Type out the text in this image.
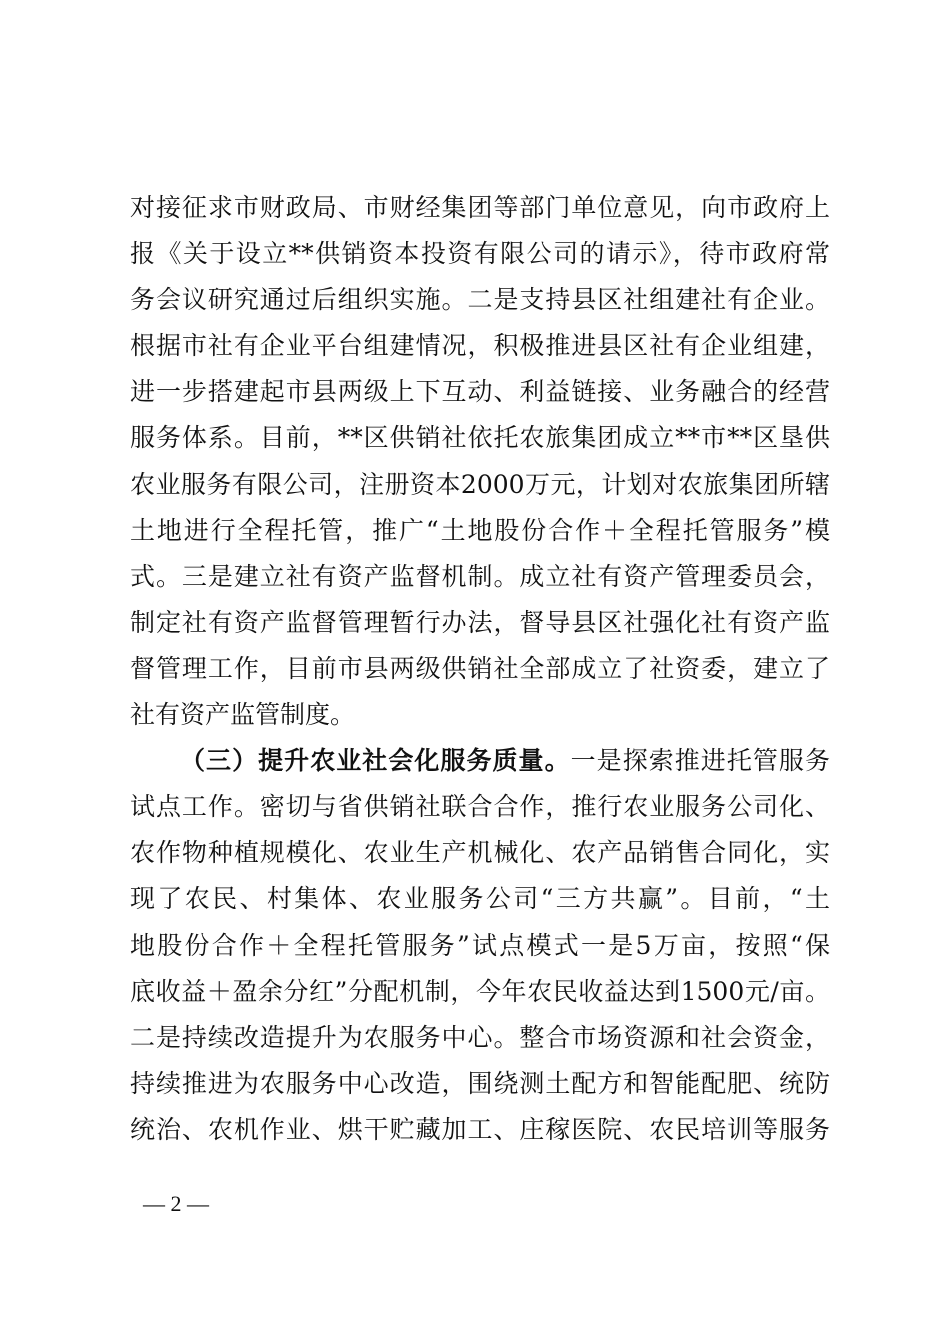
对接征求市财政局、市财经集团等部门单位意见，向市政府上
报《关于设立**供销资本投资有限公司的请示》，待市政府常
务会议研究通过后组织实施。二是支持县区社组建社有企业。
根据市社有企业平台组建情况，积极推进县区社有企业组建，
进一步搭建起市县两级上下互动、利益链接、业务融合的经营
服务体系。目前，**区供销社依托农旅集团成立**市**区垦供
农业服务有限公司，注册资本2000万元，计划对农旅集团所辖
土地进行全程托管，推广“土地股份合作＋全程托管服务”模
式。三是建立社有资产监督机制。成立社有资产管理委员会，
制定社有资产监督管理暂行办法，督导县区社强化社有资产监
督管理工作，目前市县两级供销社全部成立了社资委，建立了
社有资产监管制度。
（三）提升农业社会化服务质量。一是探索推进托管服务
试点工作。密切与省供销社联合合作，推行农业服务公司化、
农作物种植规模化、农业生产机械化、农产品销售合同化，实
现了农民、村集体、农业服务公司“三方共赢”。目前，“土
地股份合作＋全程托管服务”试点模式一是5万亩，按照“保
底收益＋盈余分红”分配机制，今年农民收益达到1500元/亩。
二是持续改造提升为农服务中心。整合市场资源和社会资金，
持续推进为农服务中心改造，围绕测土配方和智能配肥、统防
统治、农机作业、烘干贮藏加工、庄稼医院、农民培训等服务
— 2 —
